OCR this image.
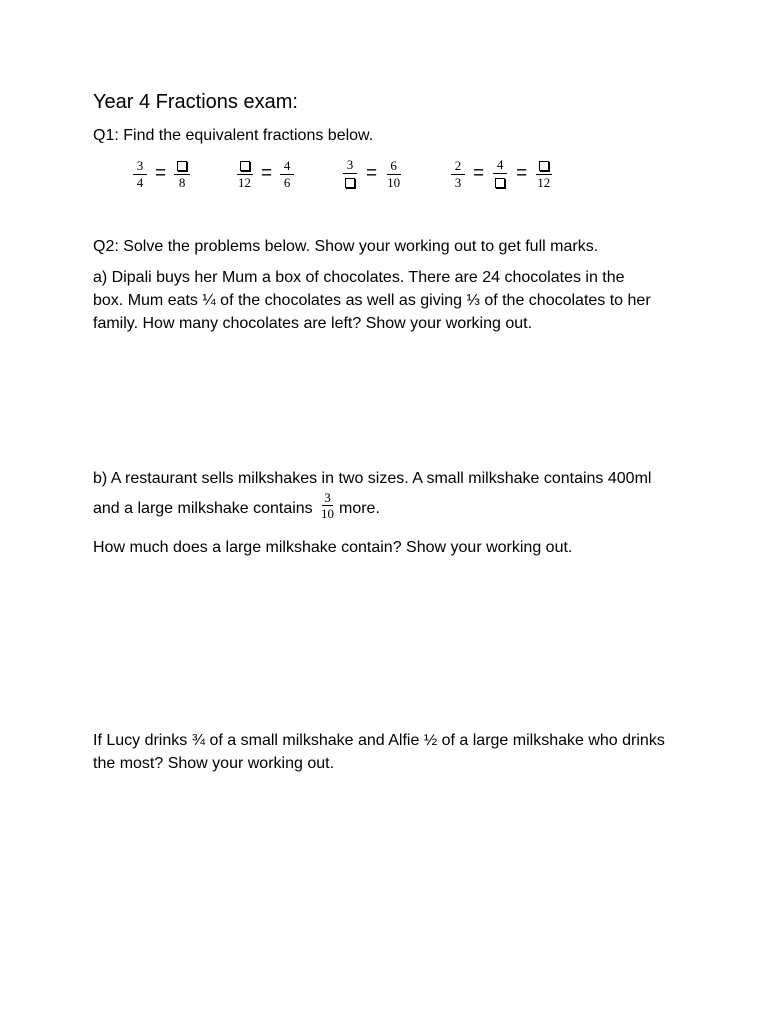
Year 4 Fractions exam:
Q1: Find the equivalent fractions below.
$\frac{3}{4} = 8$	$12 = \frac{4}{6}$	$3 = \frac{6}{10}$	$\frac{2}{3} = 4 = 12$
Q2: Solve the problems below. Show your working out to get full marks.
a) Dipali buys her Mum a box of chocolates. There are 24 chocolates in the
box. Mum eats ¼ of the chocolates as well as giving ⅓ of the chocolates to her
family. How many chocolates are left? Show your working out.
b) A restaurant sells milkshakes in two sizes. A small milkshake contains 400ml
and a large milkshake contains $\frac{3}{10}$ more.
How much does a large milkshake contain? Show your working out.
If Lucy drinks ¾ of a small milkshake and Alfie ½ of a large milkshake who drinks
the most? Show your working out.
